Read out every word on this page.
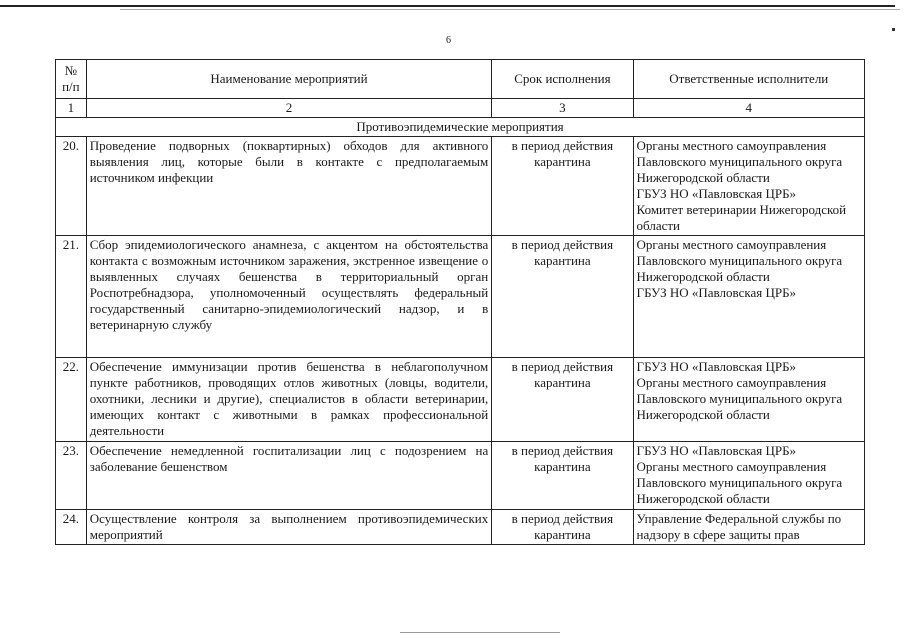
6
№ п/п	Наименование мероприятий	Срок исполнения	Ответственные исполнители
1	2	3	4
Противоэпидемические мероприятия			
20.	Проведение подворных (поквартирных) обходов для активного выявления лиц, которые были в контакте с предполагаемым источником инфекции	в период действия карантина	Органы местного самоуправления Павловского муниципального округа Нижегородской области
ГБУЗ НО «Павловская ЦРБ»
Комитет ветеринарии Нижегородской области

21.	Сбор эпидемиологического анамнеза, с акцентом на обстоятельства контакта с возможным источником заражения, экстренное извещение о выявленных случаях бешенства в территориальный орган Роспотребнадзора, уполномоченный осуществлять федеральный государственный санитарно-эпидемиологический надзор, и в ветеринарную службу	в период действия карантина	Органы местного самоуправления Павловского муниципального округа Нижегородской области
ГБУЗ НО «Павловская ЦРБ»

22.	Обеспечение иммунизации против бешенства в неблагополучном пункте работников, проводящих отлов животных (ловцы, водители, охотники, лесники и другие), специалистов в области ветеринарии, имеющих контакт с животными в рамках профессиональной деятельности	в период действия карантина	ГБУЗ НО «Павловская ЦРБ»
Органы местного самоуправления Павловского муниципального округа Нижегородской области

23.	Обеспечение немедленной госпитализации лиц с подозрением на заболевание бешенством	в период действия карантина	ГБУЗ НО «Павловская ЦРБ»
Органы местного самоуправления Павловского муниципального округа Нижегородской области

24.	Осуществление контроля за выполнением противоэпидемических мероприятий	в период действия карантина	Управление Федеральной службы по надзору в сфере защиты прав
